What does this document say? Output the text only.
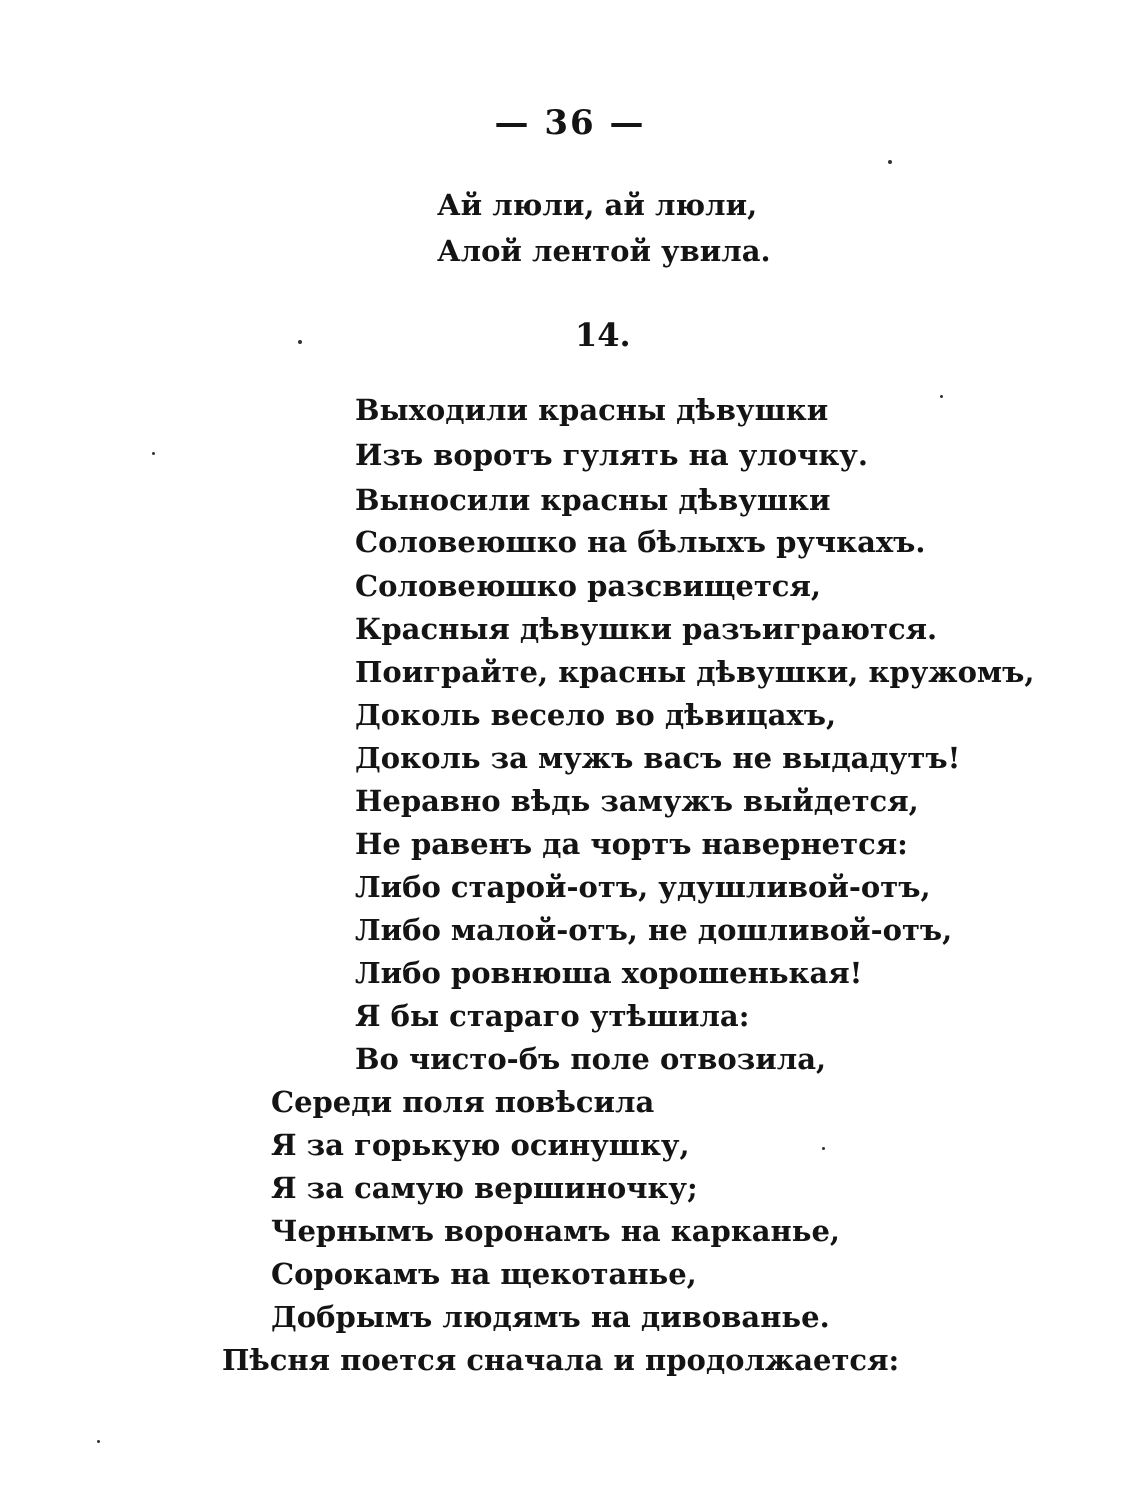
— 36 —
Ай люли, ай люли,
Алой лентой увила.
14.
Выходили красны дѣвушки
Изъ воротъ гулять на улочку.
Выносили красны дѣвушки
Соловеюшко на бѣлыхъ ручкахъ.
Соловеюшко разсвищется,
Красныя дѣвушки разъиграются.
Поиграйте, красны дѣвушки, кружомъ,
Доколь весело во дѣвицахъ,
Доколь за мужъ васъ не выдадутъ!
Неравно вѣдь замужъ выйдется,
Не равенъ да чортъ навернется:
Либо старой-отъ, удушливой-отъ,
Либо малой-отъ, не дошливой-отъ,
Либо ровнюша хорошенькая!
Я бы стараго утѣшила:
Во чисто-бъ поле отвозила,
Середи поля повѣсила
Я за горькую осинушку,
Я за самую вершиночку;
Чернымъ воронамъ на карканье,
Сорокамъ на щекотанье,
Добрымъ людямъ на дивованье.
Пѣсня поется сначала и продолжается:
